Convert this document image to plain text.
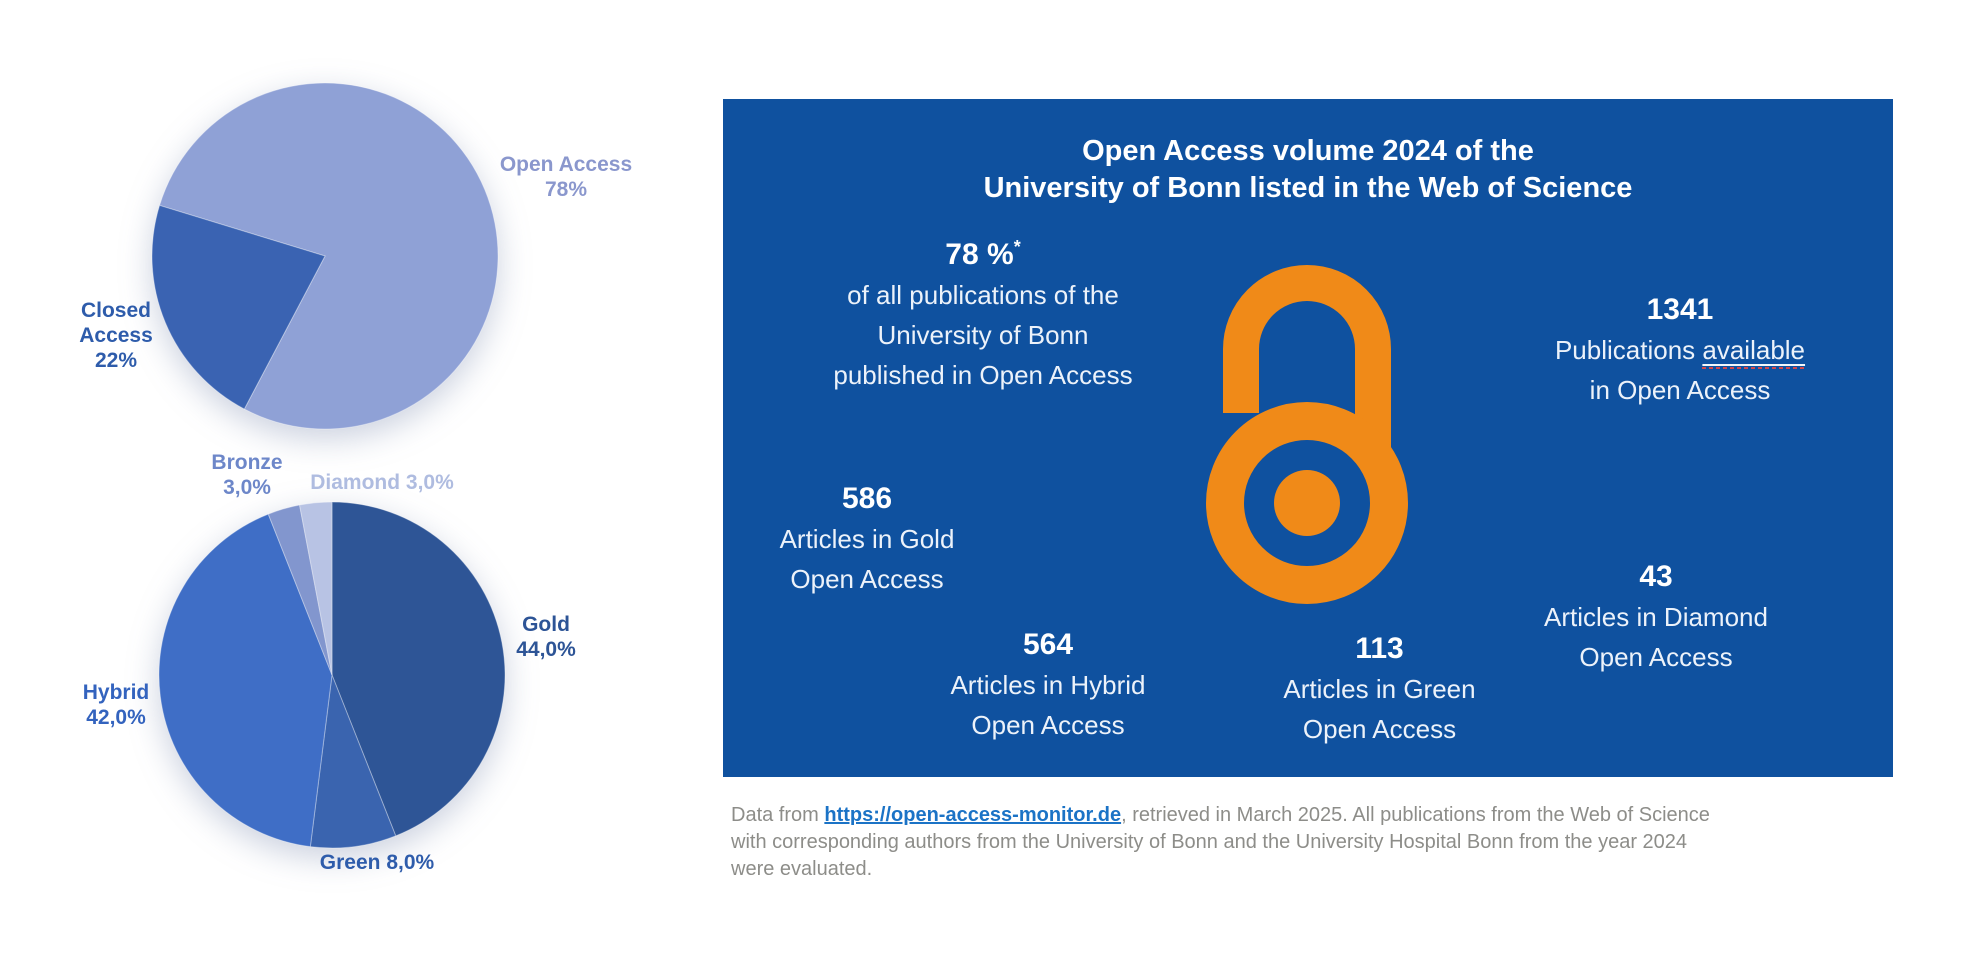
Open Access
78%
Closed
Access
22%
Bronze
3,0%	Diamond 3,0%
Gold
44,0%
Hybrid
42,0%
Green 8,0%
Open Access volume 2024 of the
University of Bonn listed in the Web of Science
78 %*
of all publications of the University of Bonn published in Open Access
1341
Publications available in Open Access
586
Articles in Gold Open Access	43
Articles in Diamond Open Access
564
Articles in Hybrid Open Access
113
Articles in Green Open Access
Data from https://open-access-monitor.de, retrieved in March 2025. All publications from the Web of Science
with corresponding authors from the University of Bonn and the University Hospital Bonn from the year 2024
were evaluated.
